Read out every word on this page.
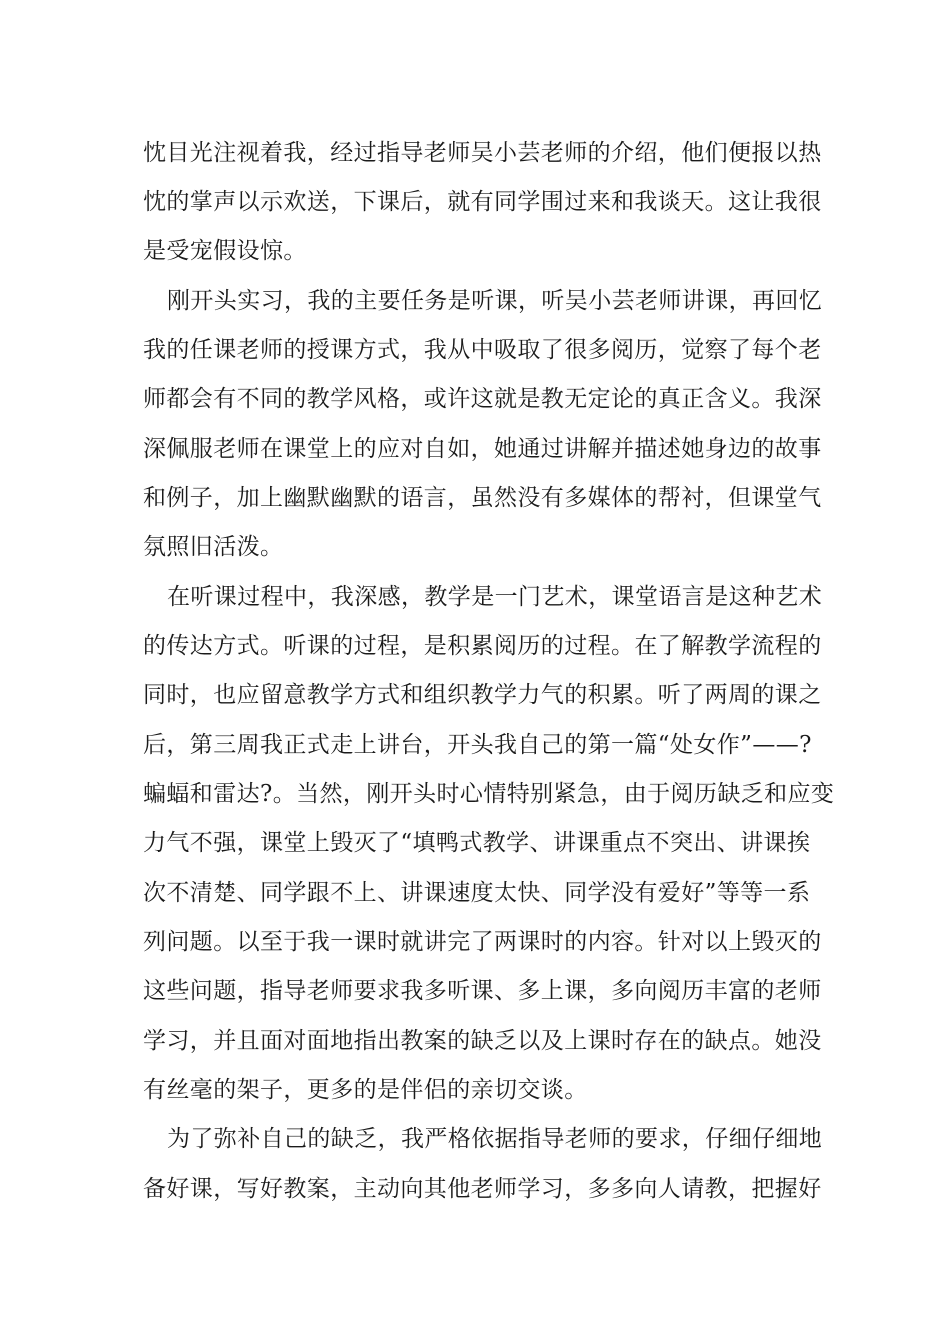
忱目光注视着我，经过指导老师吴小芸老师的介绍，他们便报以热

忱的掌声以示欢送，下课后，就有同学围过来和我谈天。这让我很

是受宠假设惊。

刚开头实习，我的主要任务是听课，听吴小芸老师讲课，再回忆

我的任课老师的授课方式，我从中吸取了很多阅历，觉察了每个老

师都会有不同的教学风格，或许这就是教无定论的真正含义。我深

深佩服老师在课堂上的应对自如，她通过讲解并描述她身边的故事

和例子，加上幽默幽默的语言，虽然没有多媒体的帮衬，但课堂气

氛照旧活泼。

在听课过程中，我深感，教学是一门艺术，课堂语言是这种艺术

的传达方式。听课的过程，是积累阅历的过程。在了解教学流程的

同时，也应留意教学方式和组织教学力气的积累。听了两周的课之

后，第三周我正式走上讲台，开头我自己的第一篇“处女作”——?

蝙蝠和雷达?。当然，刚开头时心情特别紧急，由于阅历缺乏和应变

力气不强，课堂上毁灭了“填鸭式教学、讲课重点不突出、讲课挨

次不清楚、同学跟不上、讲课速度太快、同学没有爱好”等等一系

列问题。以至于我一课时就讲完了两课时的内容。针对以上毁灭的

这些问题，指导老师要求我多听课、多上课，多向阅历丰富的老师

学习，并且面对面地指出教案的缺乏以及上课时存在的缺点。她没

有丝毫的架子，更多的是伴侣的亲切交谈。

为了弥补自己的缺乏，我严格依据指导老师的要求，仔细仔细地

备好课，写好教案，主动向其他老师学习，多多向人请教，把握好
